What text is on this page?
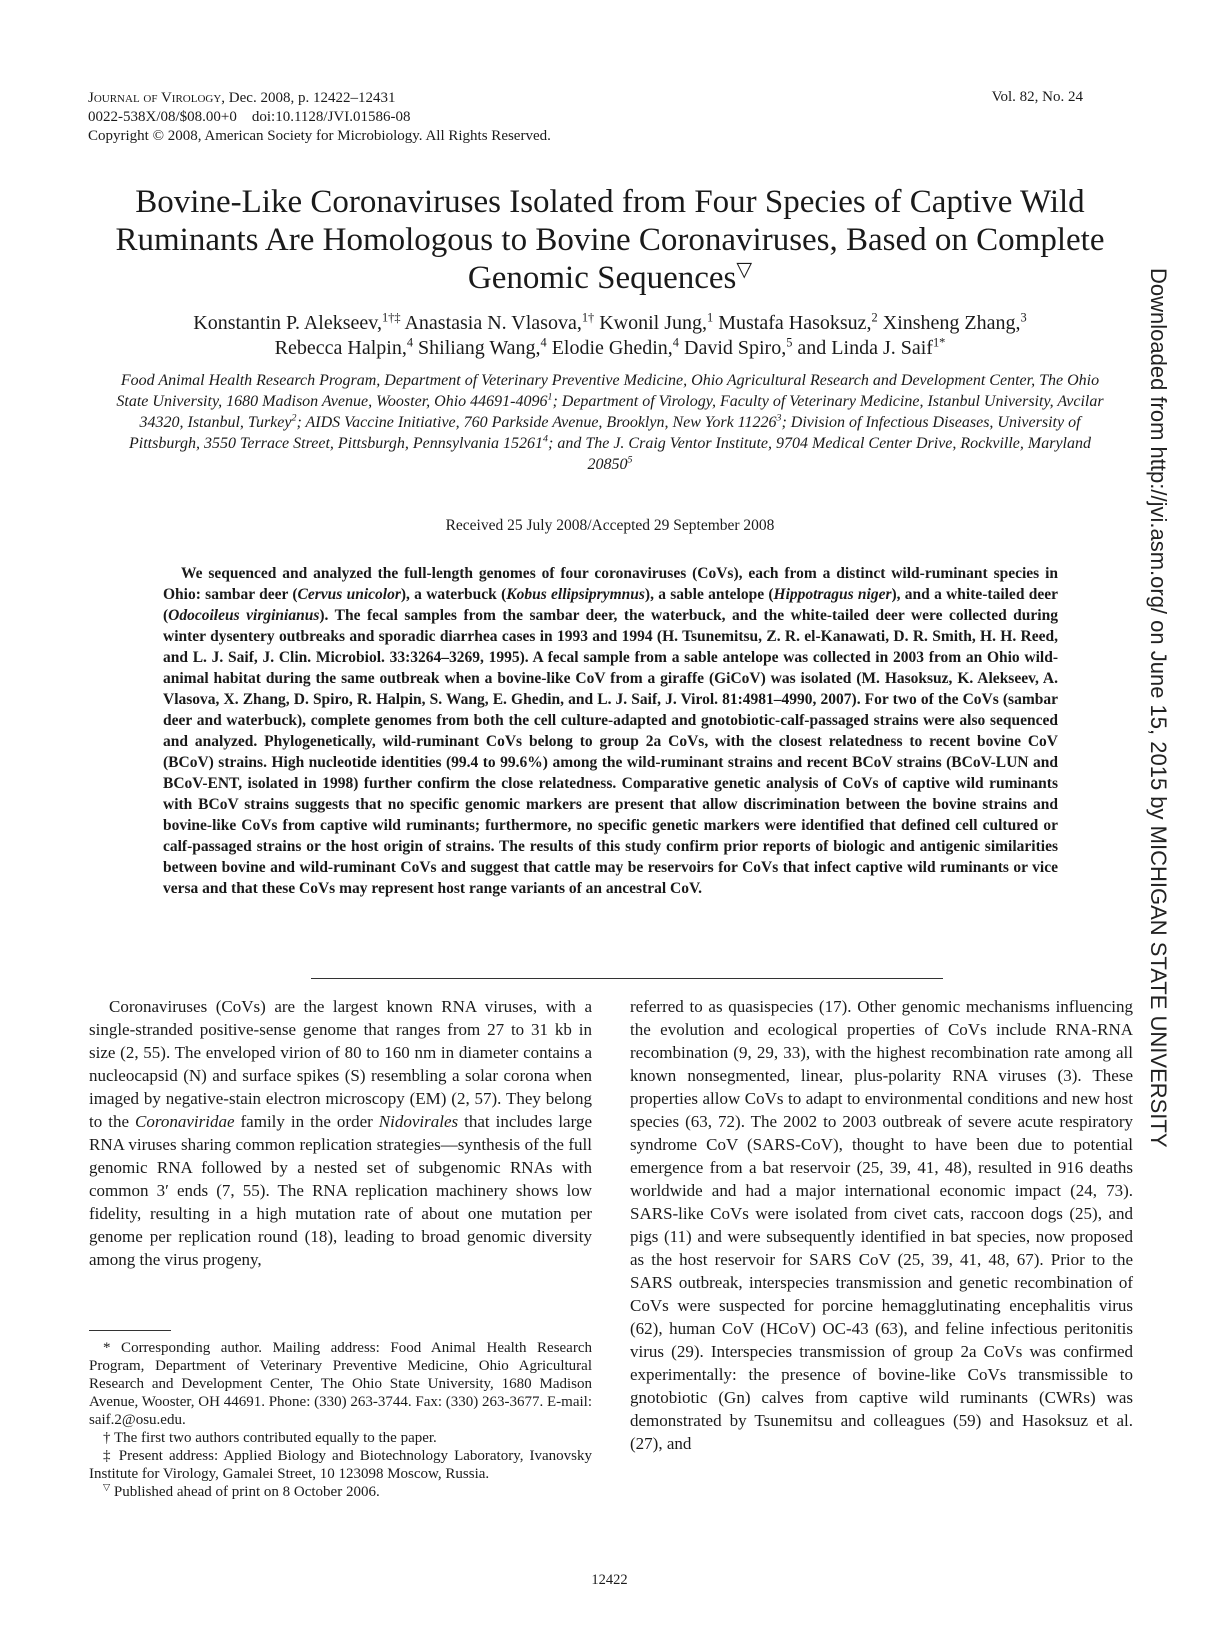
Journal of Virology, Dec. 2008, p. 12422–12431
0022-538X/08/$08.00+0    doi:10.1128/JVI.01586-08
Copyright © 2008, American Society for Microbiology. All Rights Reserved.
Vol. 82, No. 24
Bovine-Like Coronaviruses Isolated from Four Species of Captive Wild Ruminants Are Homologous to Bovine Coronaviruses, Based on Complete Genomic Sequences▽
Konstantin P. Alekseev,$^{1\dagger\ddagger}$ Anastasia N. Vlasova,$^{1\dagger}$ Kwonil Jung,$^1$ Mustafa Hasoksuz,$^2$ Xinsheng Zhang,$^3$
Rebecca Halpin,$^4$ Shiliang Wang,$^4$ Elodie Ghedin,$^4$ David Spiro,$^5$ and Linda J. Saif$^{1*}$
Food Animal Health Research Program, Department of Veterinary Preventive Medicine, Ohio Agricultural Research and Development Center, The Ohio State University, 1680 Madison Avenue, Wooster, Ohio 44691-4096$^1$; Department of Virology, Faculty of Veterinary Medicine, Istanbul University, Avcilar 34320, Istanbul, Turkey$^2$; AIDS Vaccine Initiative, 760 Parkside Avenue, Brooklyn, New York 11226$^3$; Division of Infectious Diseases, University of Pittsburgh, 3550 Terrace Street, Pittsburgh, Pennsylvania 15261$^4$; and The J. Craig Ventor Institute, 9704 Medical Center Drive, Rockville, Maryland 20850$^5$
Received 25 July 2008/Accepted 29 September 2008

We sequenced and analyzed the full-length genomes of four coronaviruses (CoVs), each from a distinct wild-ruminant species in Ohio: sambar deer (Cervus unicolor), a waterbuck (Kobus ellipsiprymnus), a sable antelope (Hippotragus niger), and a white-tailed deer (Odocoileus virginianus). The fecal samples from the sambar deer, the waterbuck, and the white-tailed deer were collected during winter dysentery outbreaks and sporadic diarrhea cases in 1993 and 1994 (H. Tsunemitsu, Z. R. el-Kanawati, D. R. Smith, H. H. Reed, and L. J. Saif, J. Clin. Microbiol. 33:3264–3269, 1995). A fecal sample from a sable antelope was collected in 2003 from an Ohio wild-animal habitat during the same outbreak when a bovine-like CoV from a giraffe (GiCoV) was isolated (M. Hasoksuz, K. Alekseev, A. Vlasova, X. Zhang, D. Spiro, R. Halpin, S. Wang, E. Ghedin, and L. J. Saif, J. Virol. 81:4981–4990, 2007). For two of the CoVs (sambar deer and waterbuck), complete genomes from both the cell culture-adapted and gnotobiotic-calf-passaged strains were also sequenced and analyzed. Phylogenetically, wild-ruminant CoVs belong to group 2a CoVs, with the closest relatedness to recent bovine CoV (BCoV) strains. High nucleotide identities (99.4 to 99.6%) among the wild-ruminant strains and recent BCoV strains (BCoV-LUN and BCoV-ENT, isolated in 1998) further confirm the close relatedness. Comparative genetic analysis of CoVs of captive wild ruminants with BCoV strains suggests that no specific genomic markers are present that allow discrimination between the bovine strains and bovine-like CoVs from captive wild ruminants; furthermore, no specific genetic markers were identified that defined cell cultured or calf-passaged strains or the host origin of strains. The results of this study confirm prior reports of biologic and antigenic similarities between bovine and wild-ruminant CoVs and suggest that cattle may be reservoirs for CoVs that infect captive wild ruminants or vice versa and that these CoVs may represent host range variants of an ancestral CoV.

Coronaviruses (CoVs) are the largest known RNA viruses, with a single-stranded positive-sense genome that ranges from 27 to 31 kb in size (2, 55). The enveloped virion of 80 to 160 nm in diameter contains a nucleocapsid (N) and surface spikes (S) resembling a solar corona when imaged by negative-stain electron microscopy (EM) (2, 57). They belong to the Coronaviridae family in the order Nidovirales that includes large RNA viruses sharing common replication strategies—synthesis of the full genomic RNA followed by a nested set of subgenomic RNAs with common 3′ ends (7, 55). The RNA replication machinery shows low fidelity, resulting in a high mutation rate of about one mutation per genome per replication round (18), leading to broad genomic diversity among the virus progeny,

referred to as quasispecies (17). Other genomic mechanisms influencing the evolution and ecological properties of CoVs include RNA-RNA recombination (9, 29, 33), with the highest recombination rate among all known nonsegmented, linear, plus-polarity RNA viruses (3). These properties allow CoVs to adapt to environmental conditions and new host species (63, 72). The 2002 to 2003 outbreak of severe acute respiratory syndrome CoV (SARS-CoV), thought to have been due to potential emergence from a bat reservoir (25, 39, 41, 48), resulted in 916 deaths worldwide and had a major international economic impact (24, 73). SARS-like CoVs were isolated from civet cats, raccoon dogs (25), and pigs (11) and were subsequently identified in bat species, now proposed as the host reservoir for SARS CoV (25, 39, 41, 48, 67). Prior to the SARS outbreak, interspecies transmission and genetic recombination of CoVs were suspected for porcine hemagglutinating encephalitis virus (62), human CoV (HCoV) OC-43 (63), and feline infectious peritonitis virus (29). Interspecies transmission of group 2a CoVs was confirmed experimentally: the presence of bovine-like CoVs transmissible to gnotobiotic (Gn) calves from captive wild ruminants (CWRs) was demonstrated by Tsunemitsu and colleagues (59) and Hasoksuz et al. (27), and

* Corresponding author. Mailing address: Food Animal Health Research Program, Department of Veterinary Preventive Medicine, Ohio Agricultural Research and Development Center, The Ohio State University, 1680 Madison Avenue, Wooster, OH 44691. Phone: (330) 263-3744. Fax: (330) 263-3677. E-mail: saif.2@osu.edu.

† The first two authors contributed equally to the paper.

‡ Present address: Applied Biology and Biotechnology Laboratory, Ivanovsky Institute for Virology, Gamalei Street, 10 123098 Moscow, Russia.

▽ Published ahead of print on 8 October 2006.

12422
Downloaded from http://jvi.asm.org/ on June 15, 2015 by MICHIGAN STATE UNIVERSITY
